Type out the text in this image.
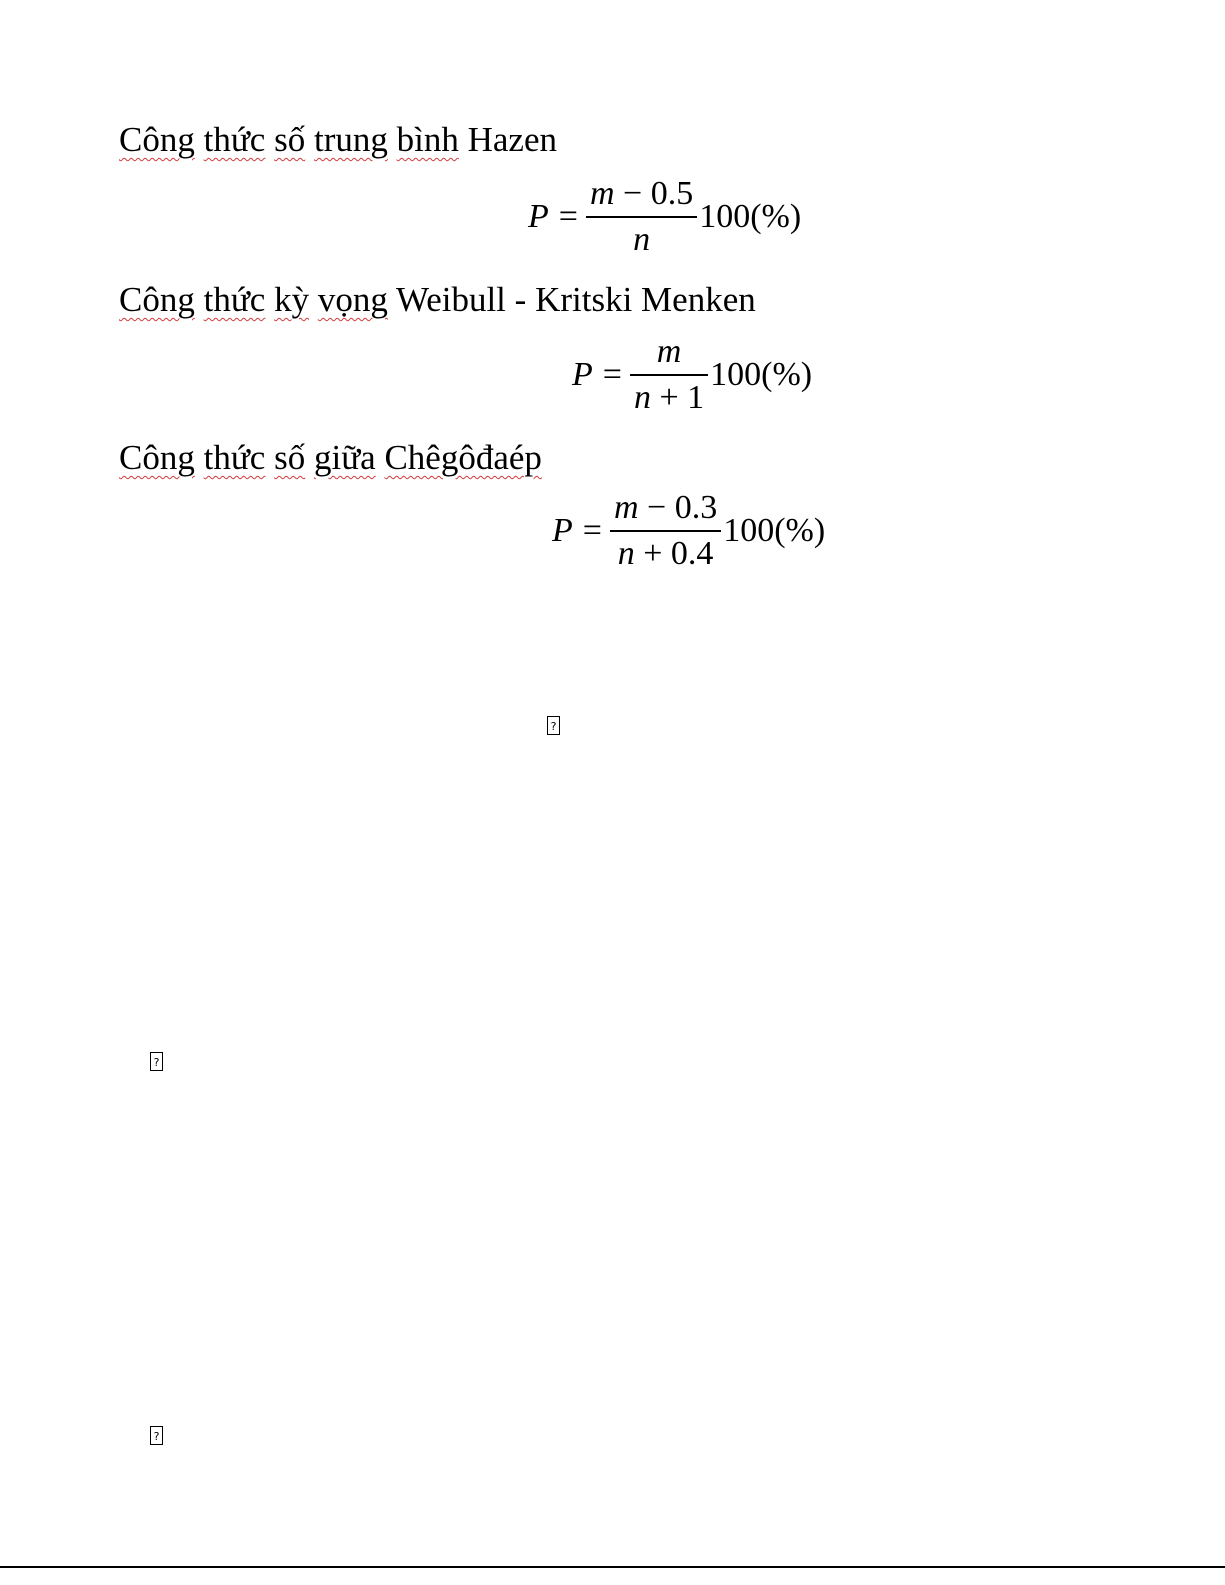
Công thức số trung bình Hazen
$P = \frac{m - 0.5}{n} 100(\%)$
Công thức kỳ vọng Weibull - Kritski Menken
$P = \frac{m}{n + 1} 100(\%)$
Công thức số giữa Chêgôđaép
$P = \frac{m - 0.3}{n + 0.4} 100(\%)$
?
?
?
